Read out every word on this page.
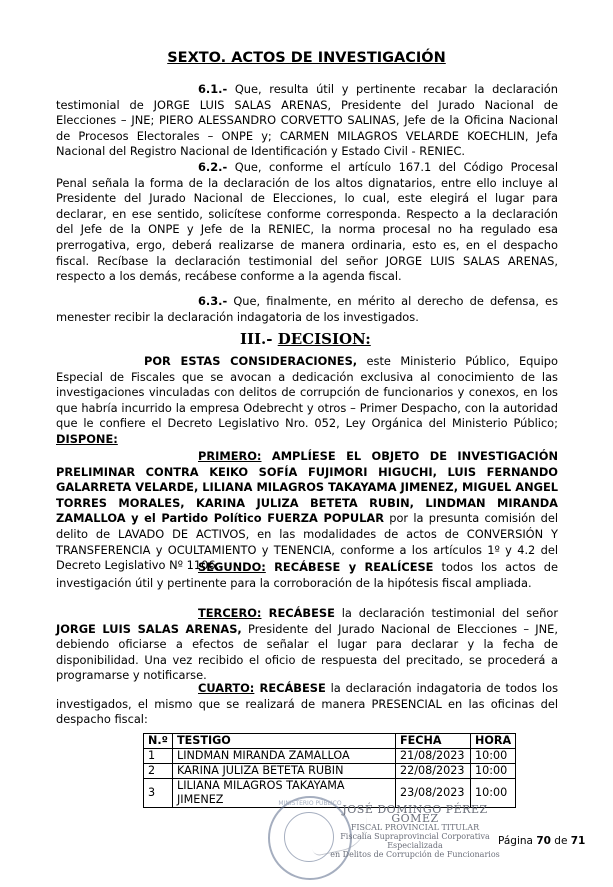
SEXTO. ACTOS DE INVESTIGACIÓN
6.1.- Que, resulta útil y pertinente recabar la declaración testimonial de JORGE LUIS SALAS ARENAS, Presidente del Jurado Nacional de Elecciones – JNE; PIERO ALESSANDRO CORVETTO SALINAS, Jefe de la Oficina Nacional de Procesos Electorales – ONPE y; CARMEN MILAGROS VELARDE KOECHLIN, Jefa Nacional del Registro Nacional de Identificación y Estado Civil - RENIEC.
6.2.- Que, conforme el artículo 167.1 del Código Procesal Penal señala la forma de la declaración de los altos dignatarios, entre ello incluye al Presidente del Jurado Nacional de Elecciones, lo cual, este elegirá el lugar para declarar, en ese sentido, solicítese conforme corresponda. Respecto a la declaración del Jefe de la ONPE y Jefe de la RENIEC, la norma procesal no ha regulado esa prerrogativa, ergo, deberá realizarse de manera ordinaria, esto es, en el despacho fiscal. Recíbase la declaración testimonial del señor JORGE LUIS SALAS ARENAS, respecto a los demás, recábese conforme a la agenda fiscal.
6.3.- Que, finalmente, en mérito al derecho de defensa, es menester recibir la declaración indagatoria de los investigados.
III.- DECISION:
POR ESTAS CONSIDERACIONES, este Ministerio Público, Equipo Especial de Fiscales que se avocan a dedicación exclusiva al conocimiento de las investigaciones vinculadas con delitos de corrupción de funcionarios y conexos, en los que habría incurrido la empresa Odebrecht y otros – Primer Despacho, con la autoridad que le confiere el Decreto Legislativo Nro. 052, Ley Orgánica del Ministerio Público; DISPONE:
PRIMERO: AMPLÍESE EL OBJETO DE INVESTIGACIÓN PRELIMINAR CONTRA KEIKO SOFÍA FUJIMORI HIGUCHI, LUIS FERNANDO GALARRETA VELARDE, LILIANA MILAGROS TAKAYAMA JIMENEZ, MIGUEL ANGEL TORRES MORALES, KARINA JULIZA BETETA RUBIN, LINDMAN MIRANDA ZAMALLOA y el Partido Político FUERZA POPULAR por la presunta comisión del delito de LAVADO DE ACTIVOS, en las modalidades de actos de CONVERSIÓN Y TRANSFERENCIA y OCULTAMIENTO y TENENCIA, conforme a los artículos 1º y 4.2 del Decreto Legislativo Nº 1106.
SEGUNDO: RECÁBESE y REALÍCESE todos los actos de investigación útil y pertinente para la corroboración de la hipótesis fiscal ampliada.
TERCERO: RECÁBESE la declaración testimonial del señor JORGE LUIS SALAS ARENAS, Presidente del Jurado Nacional de Elecciones – JNE, debiendo oficiarse a efectos de señalar el lugar para declarar y la fecha de disponibilidad. Una vez recibido el oficio de respuesta del precitado, se procederá a programarse y notificarse.
CUARTO: RECÁBESE la declaración indagatoria de todos los investigados, el mismo que se realizará de manera PRESENCIAL en las oficinas del despacho fiscal:
N.º	TESTIGO	FECHA	HORA
1	LINDMAN MIRANDA ZAMALLOA	21/08/2023	10:00
2	KARINA JULIZA BETETA RUBIN	22/08/2023	10:00
3	LILIANA MILAGROS TAKAYAMA JIMENEZ	23/08/2023	10:00
MINISTERIO PÚBLICO JOSÉ DOMINGO PÉREZ GÓMEZ
FISCAL PROVINCIAL TITULAR
Fiscalía Supraprovincial Corporativa Especializada
en Delitos de Corrupción de Funcionarios
Página 70 de 71
